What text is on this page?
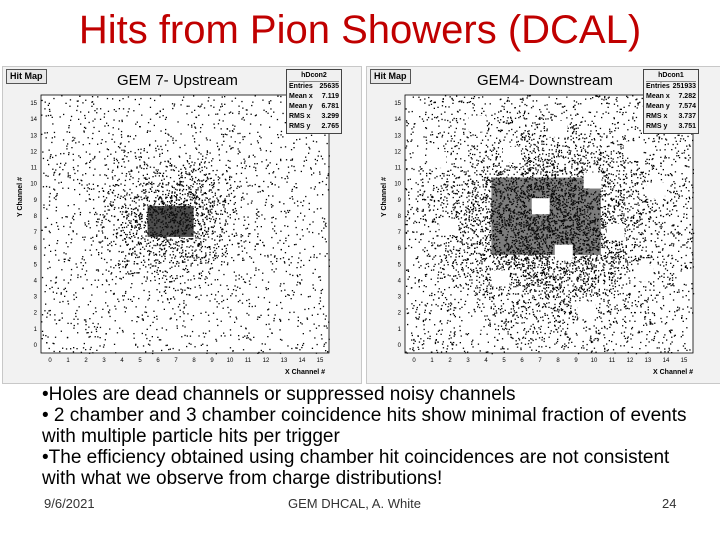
Hits from Pion Showers (DCAL)
0 1 2 3 4 5 6 7 8 9 10 11 12 13 14 15
15
14
13
12
11
10
9
8
7
6
5
4
3
2
1
0
Hit Map	GEM 7- Upstream	hDcon2
Entries 25635
Mean x 7.119
Mean y 6.781
RMS x 3.299
RMS y 2.765
Y Channel #
X Channel #
0 1 2 3 4 5 6 7 8 9 10 11 12 13 14 15
15
14
13
12
11
10
9
8
7
6
5
4
3
2
1
0
Hit Map	GEM4- Downstream	hDcon1
Entries 251933
Mean x 7.282
Mean y 7.574
RMS x 3.737
RMS y 3.751
Y Channel #
X Channel #

•Holes are dead channels or suppressed noisy channels

• 2 chamber and 3 chamber coincidence hits show minimal fraction of events with multiple particle hits per trigger

•The efficiency obtained using chamber hit coincidences are not consistent with what we observe from charge distributions!

9/6/2021	GEM DHCAL, A. White	24
